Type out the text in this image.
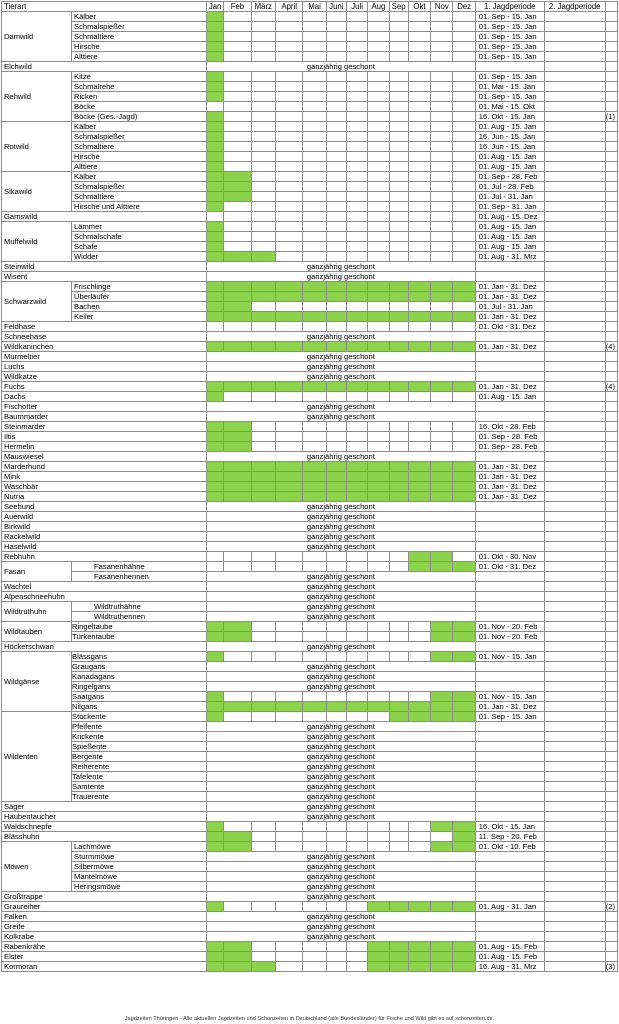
Tierart		Jan	Feb	März	April	Mai	Juni	Juli	Aug	Sep	Okt	Nov	Dez	1. Jagdperiode	2. Jagdperiode	
Damwild	Kälber													01. Sep - 15. Jan		
	Schmalspießer													01. Sep - 15. Jan		
	Schmaltiere													01. Sep - 15. Jan		
	Hirsche													01. Sep - 15. Jan		
	Alttiere													01. Sep - 15. Jan		
Elchwild		ganzjährig geschont														
Rehwild	Kitze													01. Sep - 15. Jan		
	Schmalrehe													01. Mai - 15. Jan		
	Ricken													01. Sep - 15. Jan		
	Böcke													01. Mai - 15. Okt		
	Böcke (Ges.-Jagd)													16. Okt - 15. Jan		(1)
Rotwild	Kälber													01. Aug - 15. Jan		
	Schmalspießer													16. Jun - 15. Jan		
	Schmaltiere													16. Jun - 15. Jan		
	Hirsche													01. Aug - 15. Jan		
	Alttiere													01. Aug - 15. Jan		
Sikawild	Kälber													01. Sep - 28. Feb		
	Schmalspießer													01. Jul - 28. Feb		
	Schmaltiere													01. Jul - 31. Jan		
	Hirsche und Alttiere													01. Sep - 31. Jan		
Gamswild														01. Aug - 15. Dez		
Muffelwild	Lämmer													01. Aug - 15. Jan		
	Schmalschafe													01. Aug - 15. Jan		
	Schafe													01. Aug - 15. Jan		
	Widder													01. Aug - 31. Mrz		
Steinwild		ganzjährig geschont														
Wisent		ganzjährig geschont														
Schwarzwild	Frischlinge													01. Jan - 31. Dez		
	Überläufer													01. Jan - 31. Dez		
	Bachen													01. Jul - 31. Jan		
	Keiler													01. Jan - 31. Dez		
Feldhase														01. Okt - 31. Dez		
Schneehase		ganzjährig geschont														
Wildkaninchen														01. Jan - 31. Dez		(4)
Murmeltier		ganzjährig geschont														
Luchs		ganzjährig geschont														
Wildkatze		ganzjährig geschont														
Fuchs														01. Jan - 31. Dez		(4)
Dachs														01. Aug - 15. Jan		
Fischotter		ganzjährig geschont														
Baummarder		ganzjährig geschont														
Steinmarder														16. Okt - 28. Feb		
Iltis														01. Sep - 28. Feb		
Hermelin														01. Sep - 28. Feb		
Mauswiesel		ganzjährig geschont														
Marderhund														01. Jan - 31. Dez		
Mink														01. Jan - 31. Dez		
Waschbär														01. Jan - 31. Dez		
Nutria														01. Jan - 31. Dez		
Seehund		ganzjährig geschont														
Auerwild		ganzjährig geschont														
Birkwild		ganzjährig geschont														
Rackelwild		ganzjährig geschont														
Haselwild		ganzjährig geschont														
Rebhuhn														01. Okt - 30. Nov		
Fasan	Fasanenhähne													01. Okt - 31. Dez		
	Fasanenhennen	ganzjährig geschont														
Wachtel		ganzjährig geschont														
Alpenschneehuhn		ganzjährig geschont														
Wildtruthuhn	Wildtruthähne	ganzjährig geschont														
	Wildtruthennen	ganzjährig geschont														
Wildtauben	Ringeltaube													01. Nov - 20. Feb		
	Türkentaube													01. Nov - 20. Feb		
Höckerschwan		ganzjährig geschont														
Wildgänse	Blässgans													01. Nov - 15. Jan		
	Graugans	ganzjährig geschont														
	Kanadagans	ganzjährig geschont														
	Ringelgans	ganzjährig geschont														
	Saatgans													01. Nov - 15. Jan		
	Nilgans													01. Jan - 31. Dez		
Wildenten	Stockente													01. Sep - 15. Jan		
	Pfeifente	ganzjährig geschont														
	Krickente	ganzjährig geschont														
	Spießente	ganzjährig geschont														
	Bergente	ganzjährig geschont														
	Reiherente	ganzjährig geschont														
	Tafelente	ganzjährig geschont														
	Samtente	ganzjährig geschont														
	Trauerente	ganzjährig geschont														
Säger		ganzjährig geschont														
Haubentaucher		ganzjährig geschont														
Waldschnepfe														16. Okt - 15. Jan		
Blässhuhn														11. Sep - 20. Feb		
Möwen	Lachmöwe													01. Okt - 10. Feb		
	Sturmmöwe	ganzjährig geschont														
	Silbermöwe	ganzjährig geschont														
	Mantelmöwe	ganzjährig geschont														
	Heringsmöwe	ganzjährig geschont														
Großtrappe		ganzjährig geschont														
Graureiher														01. Aug - 31. Jan		(2)
Falken		ganzjährig geschont														
Greife		ganzjährig geschont														
Kolkrabe		ganzjährig geschont														
Rabenkrähe														01. Aug - 15. Feb		
Elster														01. Aug - 15. Feb		
Kormoran														16. Aug - 31. Mrz		(3)
Jagdzeiten Thüringen - Alle aktuellen Jagdzeiten und Schonzeiten in Deutschland (alle Bundesländer) für Fische und Wild gibt es auf schonzeiten.de.
